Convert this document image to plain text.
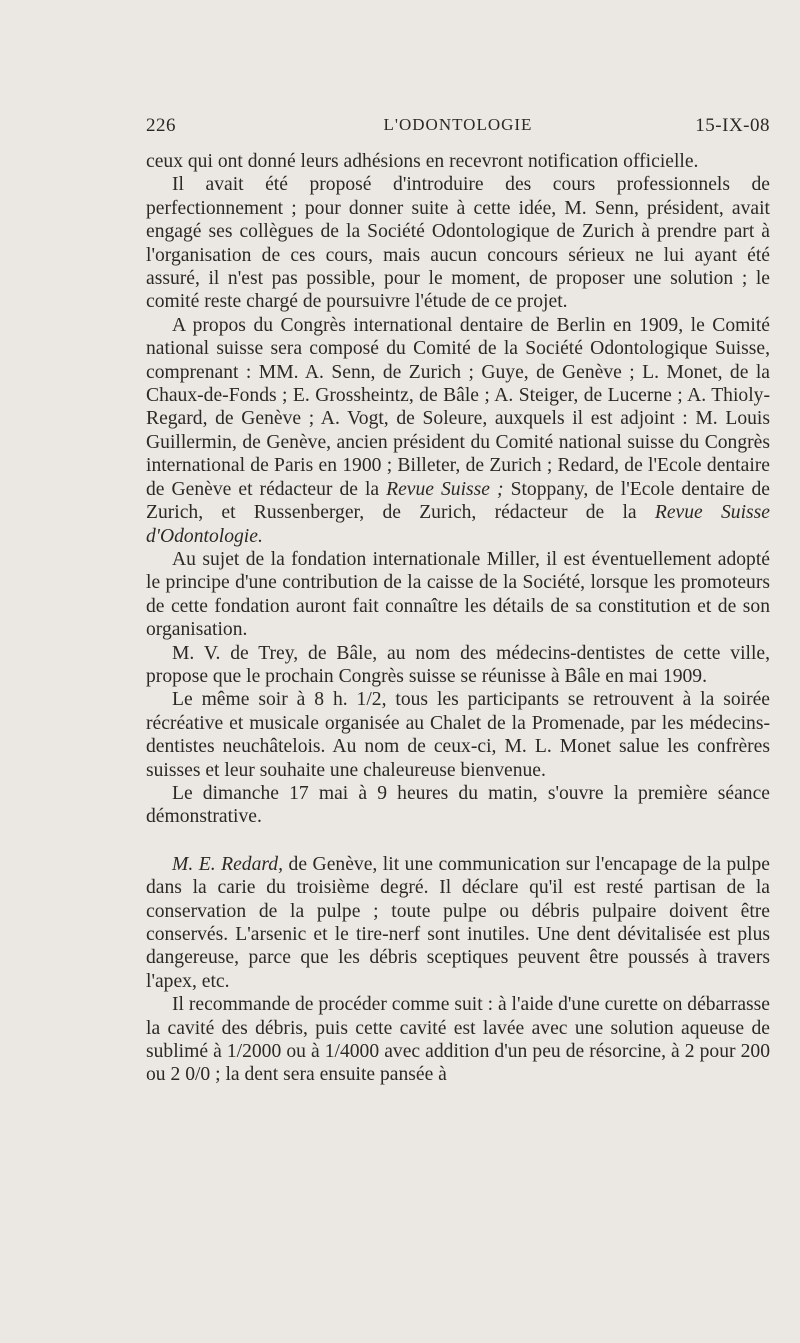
226	L'ODONTOLOGIE	15-IX-08

ceux qui ont donné leurs adhésions en recevront notification officielle.

Il avait été proposé d'introduire des cours professionnels de perfectionnement ; pour donner suite à cette idée, M. Senn, président, avait engagé ses collègues de la Société Odontologique de Zurich à prendre part à l'organisation de ces cours, mais aucun concours sérieux ne lui ayant été assuré, il n'est pas possible, pour le moment, de proposer une solution ; le comité reste chargé de poursuivre l'étude de ce projet.

A propos du Congrès international dentaire de Berlin en 1909, le Comité national suisse sera composé du Comité de la Société Odontologique Suisse, comprenant : MM. A. Senn, de Zurich ; Guye, de Genève ; L. Monet, de la Chaux-de-Fonds ; E. Grossheintz, de Bâle ; A. Steiger, de Lucerne ; A. Thioly-Regard, de Genève ; A. Vogt, de Soleure, auxquels il est adjoint : M. Louis Guillermin, de Genève, ancien président du Comité national suisse du Congrès international de Paris en 1900 ; Billeter, de Zurich ; Redard, de l'Ecole dentaire de Genève et rédacteur de la Revue Suisse ; Stoppany, de l'Ecole dentaire de Zurich, et Russenberger, de Zurich, rédacteur de la Revue Suisse d'Odontologie.

Au sujet de la fondation internationale Miller, il est éventuellement adopté le principe d'une contribution de la caisse de la Société, lorsque les promoteurs de cette fondation auront fait connaître les détails de sa constitution et de son organisation.

M. V. de Trey, de Bâle, au nom des médecins-dentistes de cette ville, propose que le prochain Congrès suisse se réunisse à Bâle en mai 1909.

Le même soir à 8 h. 1/2, tous les participants se retrouvent à la soirée récréative et musicale organisée au Chalet de la Promenade, par les médecins-dentistes neuchâtelois. Au nom de ceux-ci, M. L. Monet salue les confrères suisses et leur souhaite une chaleureuse bienvenue.

Le dimanche 17 mai à 9 heures du matin, s'ouvre la première séance démonstrative.

M. E. Redard, de Genève, lit une communication sur l'encapage de la pulpe dans la carie du troisième degré. Il déclare qu'il est resté partisan de la conservation de la pulpe ; toute pulpe ou débris pulpaire doivent être conservés. L'arsenic et le tire-nerf sont inutiles. Une dent dévitalisée est plus dangereuse, parce que les débris sceptiques peuvent être poussés à travers l'apex, etc.

Il recommande de procéder comme suit : à l'aide d'une curette on débarrasse la cavité des débris, puis cette cavité est lavée avec une solution aqueuse de sublimé à 1/2000 ou à 1/4000 avec addition d'un peu de résorcine, à 2 pour 200 ou 2 0/0 ; la dent sera ensuite pansée à
